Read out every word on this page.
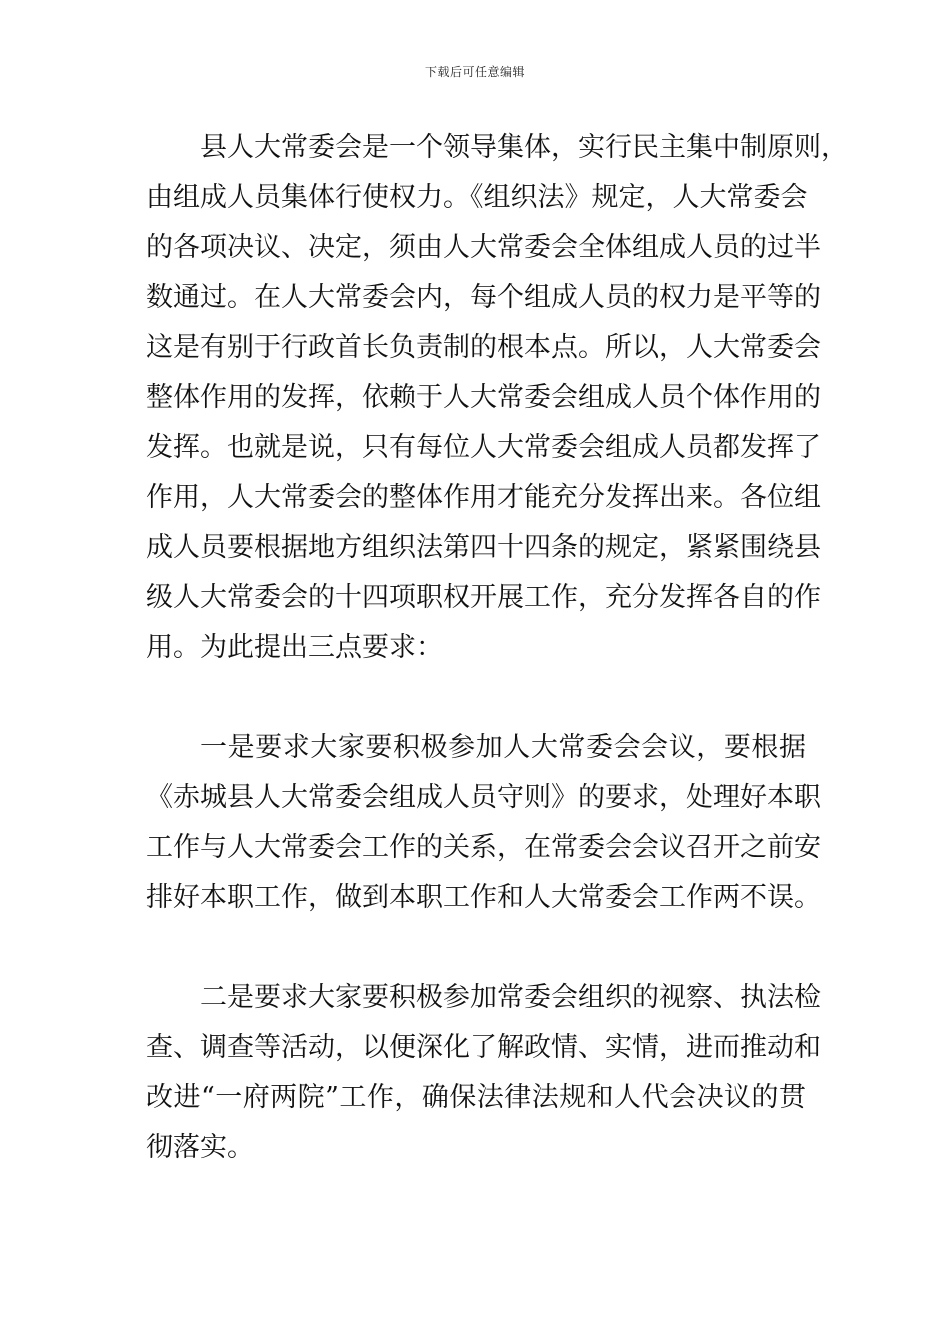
下载后可任意编辑
县人大常委会是一个领导集体，实行民主集中制原则，
由组成人员集体行使权力。《组织法》规定，人大常委会
的各项决议、决定，须由人大常委会全体组成人员的过半
数通过。在人大常委会内，每个组成人员的权力是平等的
这是有别于行政首长负责制的根本点。所以，人大常委会
整体作用的发挥，依赖于人大常委会组成人员个体作用的
发挥。也就是说，只有每位人大常委会组成人员都发挥了
作用，人大常委会的整体作用才能充分发挥出来。各位组
成人员要根据地方组织法第四十四条的规定，紧紧围绕县
级人大常委会的十四项职权开展工作，充分发挥各自的作
用。为此提出三点要求：
一是要求大家要积极参加人大常委会会议，要根据
《赤城县人大常委会组成人员守则》的要求，处理好本职
工作与人大常委会工作的关系，在常委会会议召开之前安
排好本职工作，做到本职工作和人大常委会工作两不误。
二是要求大家要积极参加常委会组织的视察、执法检
查、调查等活动，以便深化了解政情、实情，进而推动和
改进“一府两院”工作，确保法律法规和人代会决议的贯
彻落实。
